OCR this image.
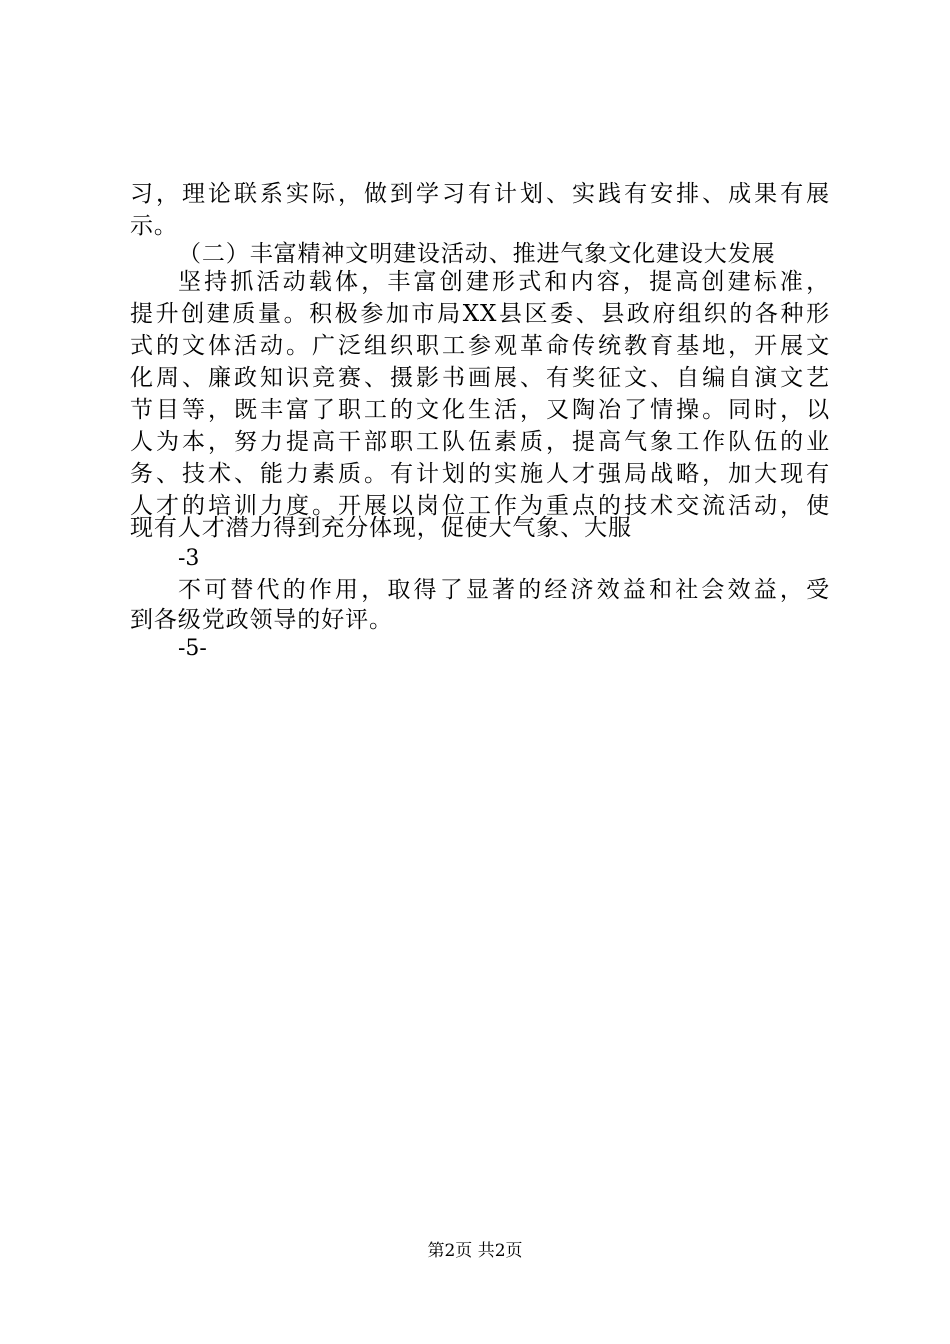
习，理论联系实际，做到学习有计划、实践有安排、成果有展
示。
（二）丰富精神文明建设活动、推进气象文化建设大发展
坚持抓活动载体，丰富创建形式和内容，提高创建标准，
提升创建质量。积极参加市局XX县区委、县政府组织的各种形
式的文体活动。广泛组织职工参观革命传统教育基地，开展文
化周、廉政知识竞赛、摄影书画展、有奖征文、自编自演文艺
节目等，既丰富了职工的文化生活，又陶冶了情操。同时，以
人为本，努力提高干部职工队伍素质，提高气象工作队伍的业
务、技术、能力素质。有计划的实施人才强局战略，加大现有
人才的培训力度。开展以岗位工作为重点的技术交流活动，使
现有人才潜力得到充分体现，促使大气象、大服
-3
不可替代的作用，取得了显著的经济效益和社会效益，受
到各级党政领导的好评。
-5-
第2页 共2页
